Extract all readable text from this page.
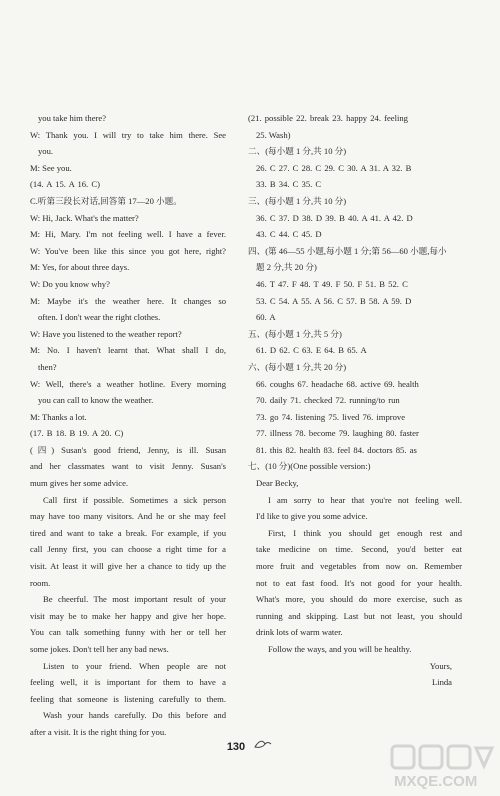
you take him there?
W: Thank you. I will try to take him there. See
you.
M: See you.
(14. A 15. A 16. C)
C.听第三段长对话,回答第 17—20 小题。
W: Hi, Jack. What's the matter?
M: Hi, Mary. I'm not feeling well. I have a fever.
W: You've been like this since you got here, right?
M: Yes, for about three days.
W: Do you know why?
M: Maybe it's the weather here. It changes so
often. I don't wear the right clothes.
W: Have you listened to the weather report?
M: No. I haven't learnt that. What shall I do,
then?
W: Well, there's a weather hotline. Every morning
you can call to know the weather.
M: Thanks a lot.
(17. B 18. B 19. A 20. C)
(四) Susan's good friend, Jenny, is ill. Susan
and her classmates want to visit Jenny. Susan's
mum gives her some advice.
Call first if possible. Sometimes a sick person
may have too many visitors. And he or she may feel
tired and want to take a break. For example, if you
call Jenny first, you can choose a right time for a
visit. At least it will give her a chance to tidy up the
room.
Be cheerful. The most important result of your
visit may be to make her happy and give her hope.
You can talk something funny with her or tell her
some jokes. Don't tell her any bad news.
Listen to your friend. When people are not
feeling well, it is important for them to have a
feeling that someone is listening carefully to them.
Wash your hands carefully. Do this before and
after a visit. It is the right thing for you.
(21. possible 22. break 23. happy 24. feeling
25. Wash)
二、(每小题 1 分,共 10 分)
26. C 27. C 28. C 29. C 30. A 31. A 32. B
33. B 34. C 35. C
三、(每小题 1 分,共 10 分)
36. C 37. D 38. D 39. B 40. A 41. A 42. D
43. C 44. C 45. D
四、(第 46—55 小题,每小题 1 分;第 56—60 小题,每小
题 2 分,共 20 分)
46. T 47. F 48. T 49. F 50. F 51. B 52. C
53. C 54. A 55. A 56. C 57. B 58. A 59. D
60. A
五、(每小题 1 分,共 5 分)
61. D 62. C 63. E 64. B 65. A
六、(每小题 1 分,共 20 分)
66. coughs 67. headache 68. active 69. health
70. daily 71. checked 72. running/to run
73. go 74. listening 75. lived 76. improve
77. illness 78. become 79. laughing 80. faster
81. this 82. health 83. feel 84. doctors 85. as
七、(10 分)(One possible version:)
Dear Becky,
I am sorry to hear that you're not feeling well.
I'd like to give you some advice.
First, I think you should get enough rest and
take medicine on time. Second, you'd better eat
more fruit and vegetables from now on. Remember
not to eat fast food. It's not good for your health.
What's more, you should do more exercise, such as
running and skipping. Last but not least, you should
drink lots of warm water.
Follow the ways, and you will be healthy.
Yours,
Linda
130
MXQE.COM
